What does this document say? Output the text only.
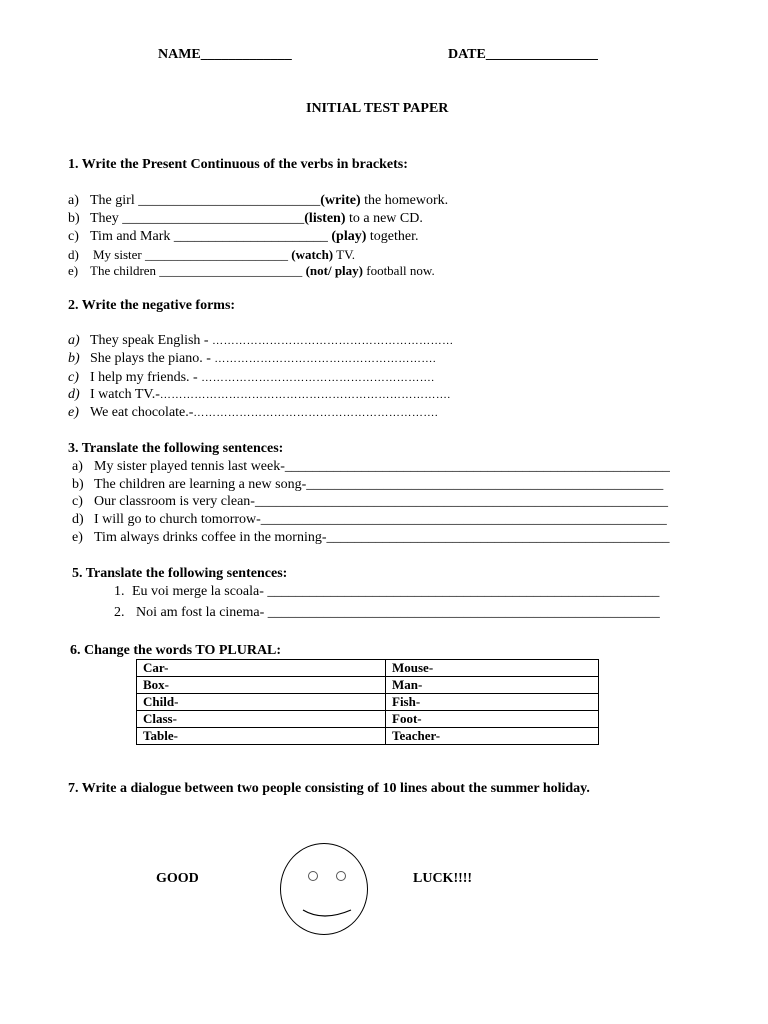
NAME_____________	DATE________________
INITIAL TEST PAPER
1. Write the Present Continuous of the verbs in brackets:
a) The girl __________________________(write) the homework.
b) They __________________________(listen) to a new CD.
c) Tim and Mark ______________________ (play) together.
d) My sister ______________________ (watch) TV.
e) The children ______________________ (not/ play) football now.
2. Write the negative forms:
a) They speak English - ………………………………………………………
b) She plays the piano. - ………………………………………………….
c) I help my friends. - …………………………………………………….
d) I watch TV.-………………………………………………………………….
e) We eat chocolate.-……………………………………………………….
3. Translate the following sentences:
a) My sister played tennis last week-_______________________________________________________
b) The children are learning a new song-___________________________________________________
c) Our classroom is very clean-___________________________________________________________
d) I will go to church tomorrow-__________________________________________________________
e) Tim always drinks coffee in the morning-_________________________________________________
5. Translate the following sentences:
1. Eu voi merge la scoala- ________________________________________________________
2. Noi am fost la cinema- ________________________________________________________
6. Change the words TO PLURAL:
Car-	Mouse-
Box-	Man-
Child-	Fish-
Class-	Foot-
Table-	Teacher-
7. Write a dialogue between two people consisting of 10 lines about the summer holiday.
GOOD	LUCK!!!!
